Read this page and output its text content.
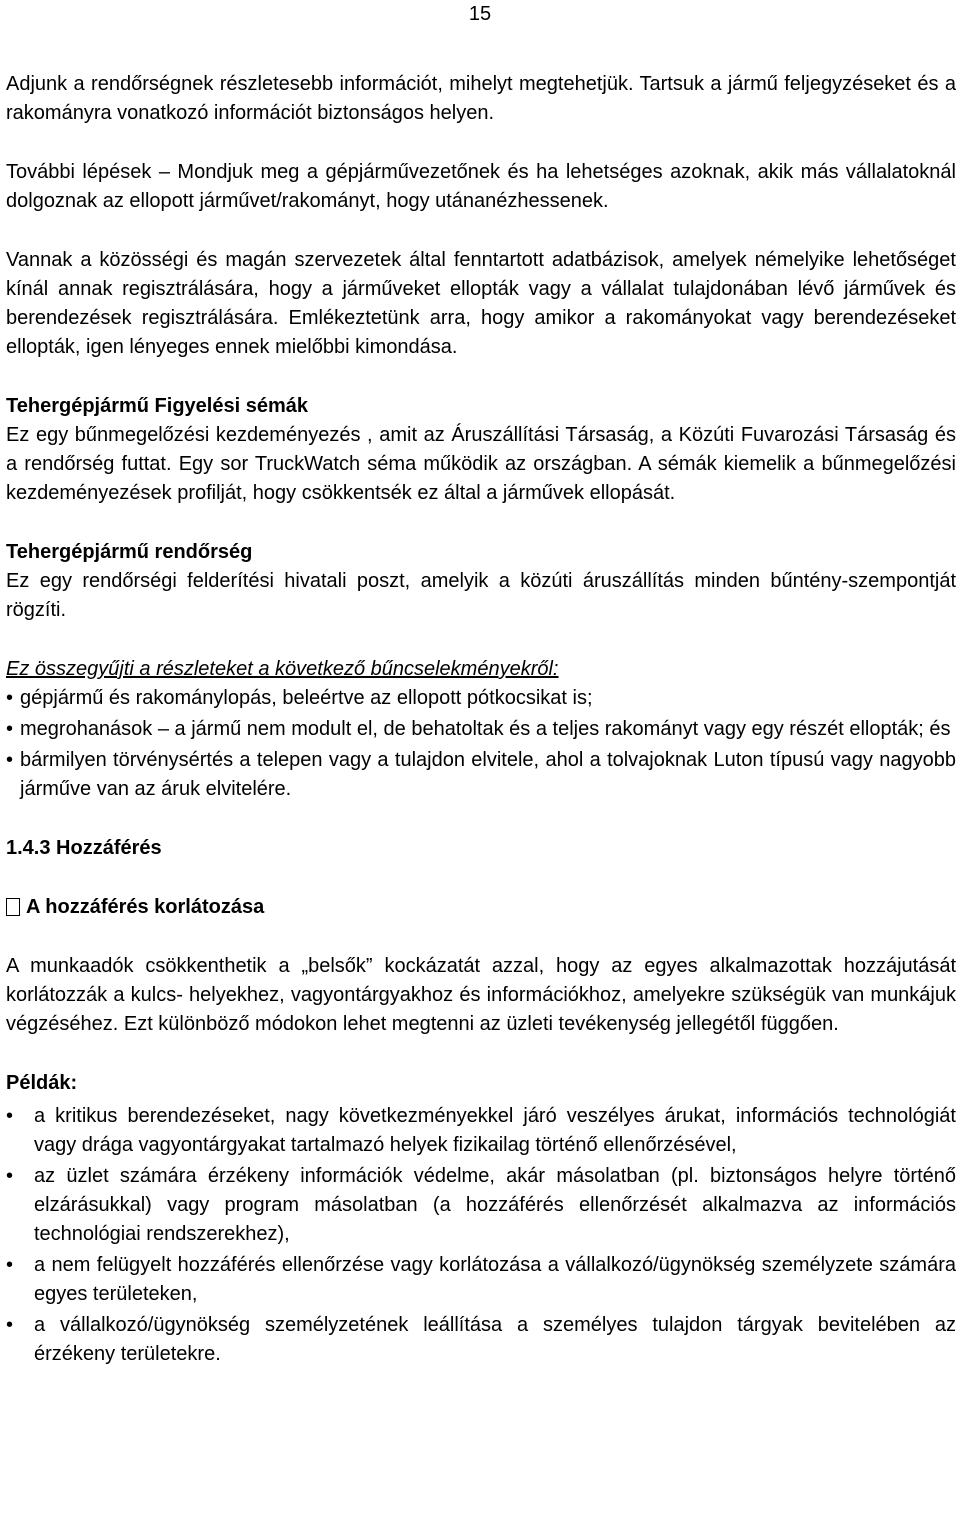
15

Adjunk a rendőrségnek részletesebb információt, mihelyt megtehetjük. Tartsuk a jármű feljegyzéseket és a rakományra vonatkozó információt biztonságos helyen.

További lépések – Mondjuk meg a gépjárművezetőnek és ha lehetséges azoknak, akik más vállalatoknál dolgoznak az ellopott járművet/rakományt, hogy utánanézhessenek.

Vannak a közösségi és magán szervezetek által fenntartott adatbázisok, amelyek némelyike lehetőséget kínál annak regisztrálására, hogy a járműveket ellopták vagy a vállalat tulajdonában lévő járművek és berendezések regisztrálására. Emlékeztetünk arra, hogy amikor a rakományokat vagy berendezéseket ellopták, igen lényeges ennek mielőbbi kimondása.

Tehergépjármű Figyelési sémák

Ez egy bűnmegelőzési kezdeményezés , amit az Áruszállítási Társaság, a Közúti Fuvarozási Társaság és a rendőrség futtat. Egy sor TruckWatch séma működik az országban. A sémák kiemelik a bűnmegelőzési kezdeményezések profilját, hogy csökkentsék ez által a járművek ellopását.

Tehergépjármű rendőrség

Ez egy rendőrségi felderítési hivatali poszt, amelyik a közúti áruszállítás minden bűntény-szempontját rögzíti.

Ez összegyűjti a részleteket a következő bűncselekményekről:

• gépjármű és rakománylopás, beleértve az ellopott pótkocsikat is;
• megrohanások – a jármű nem modult el, de behatoltak és a teljes rakományt vagy egy részét ellopták; és
• bármilyen törvénysértés a telepen vagy a tulajdon elvitele, ahol a tolvajoknak Luton típusú vagy nagyobb járműve van az áruk elvitelére.

1.4.3 Hozzáférés

A hozzáférés korlátozása

A munkaadók csökkenthetik a „belsők” kockázatát azzal, hogy az egyes alkalmazottak hozzájutását korlátozzák a kulcs- helyekhez, vagyontárgyakhoz és információkhoz, amelyekre szükségük van munkájuk végzéséhez. Ezt különböző módokon lehet megtenni az üzleti tevékenység jellegétől függően.

Példák:

• a kritikus berendezéseket, nagy következményekkel járó veszélyes árukat, információs technológiát vagy drága vagyontárgyakat tartalmazó helyek fizikailag történő ellenőrzésével,
• az üzlet számára érzékeny információk védelme, akár másolatban (pl. biztonságos helyre történő elzárásukkal) vagy program másolatban (a hozzáférés ellenőrzését alkalmazva az információs technológiai rendszerekhez),
• a nem felügyelt hozzáférés ellenőrzése vagy korlátozása a vállalkozó/ügynökség személyzete számára egyes területeken,
• a vállalkozó/ügynökség személyzetének leállítása a személyes tulajdon tárgyak bevitelében az érzékeny területekre.
